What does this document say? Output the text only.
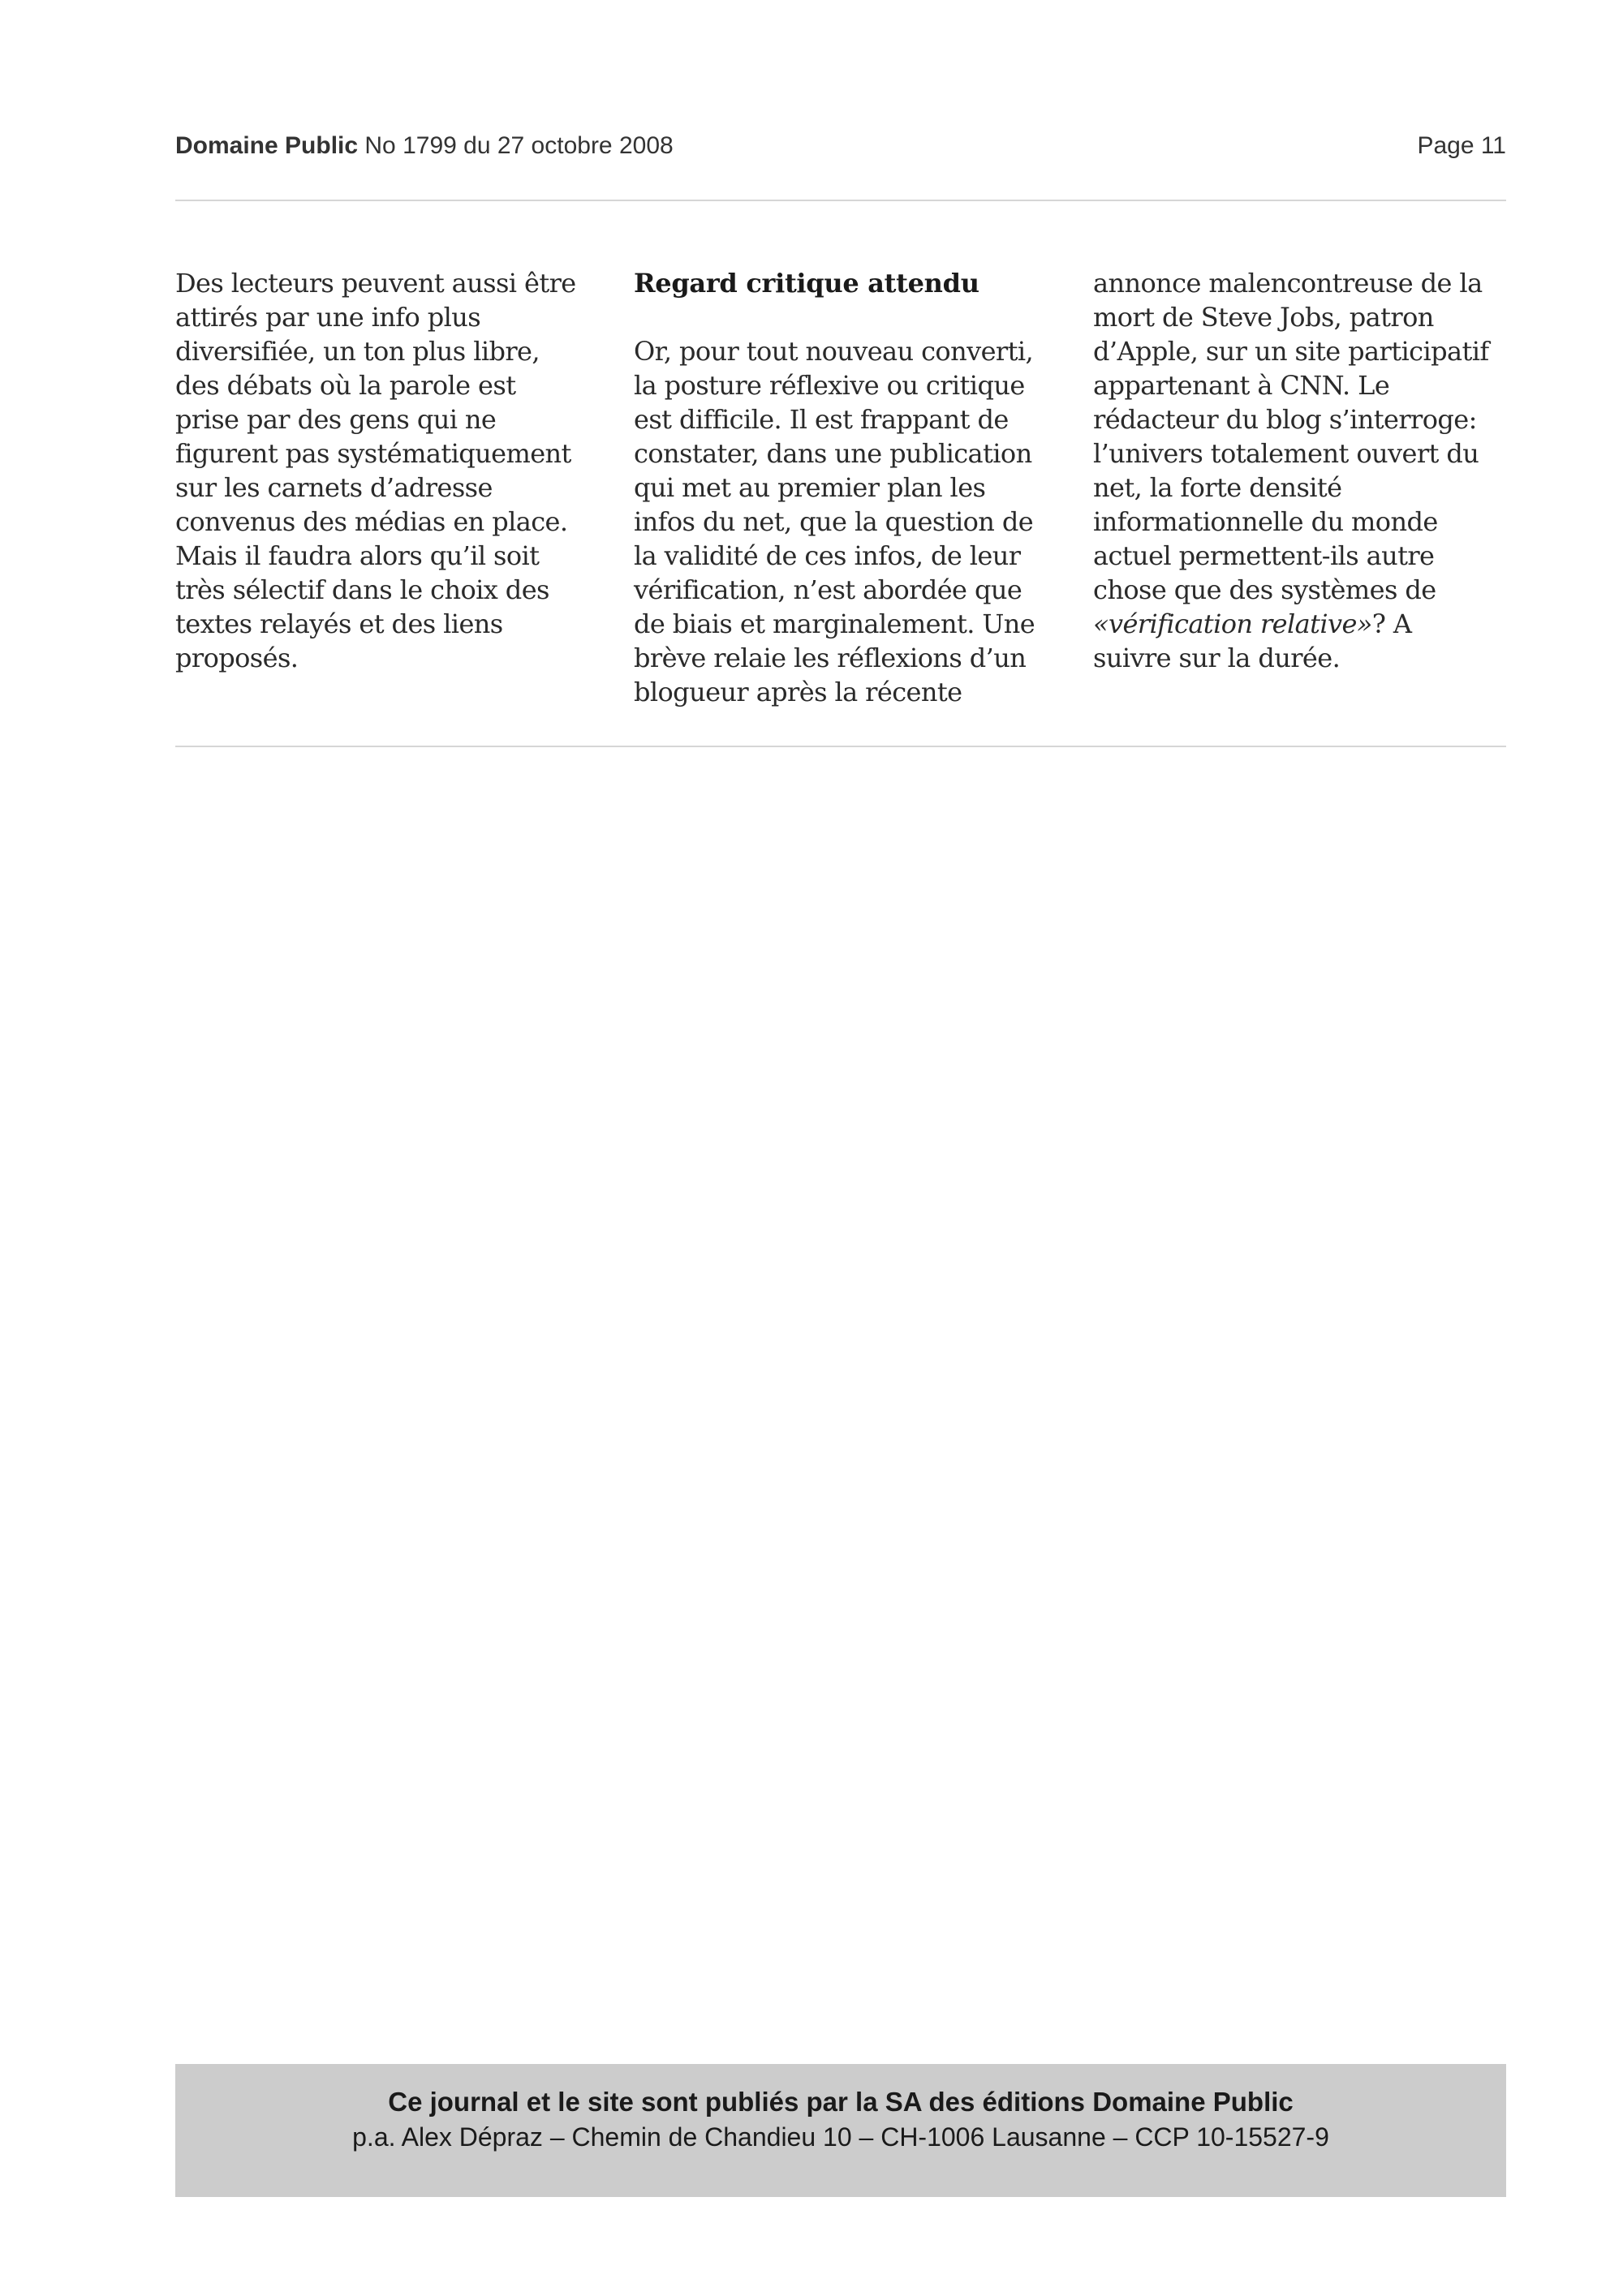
Domaine Public No 1799 du 27 octobre 2008	Page 11
Des lecteurs peuvent aussi être
attirés par une info plus
diversifiée, un ton plus libre,
des débats où la parole est
prise par des gens qui ne
figurent pas systématiquement
sur les carnets d’adresse
convenus des médias en place.
Mais il faudra alors qu’il soit
très sélectif dans le choix des
textes relayés et des liens
proposés.
Regard critique attendu
Or, pour tout nouveau converti,
la posture réflexive ou critique
est difficile. Il est frappant de
constater, dans une publication
qui met au premier plan les
infos du net, que la question de
la validité de ces infos, de leur
vérification, n’est abordée que
de biais et marginalement. Une
brève relaie les réflexions d’un
blogueur après la récente
annonce malencontreuse de la
mort de Steve Jobs, patron
d’Apple, sur un site participatif
appartenant à CNN. Le
rédacteur du blog s’interroge:
l’univers totalement ouvert du
net, la forte densité
informationnelle du monde
actuel permettent-ils autre
chose que des systèmes de
«vérification relative»? A
suivre sur la durée.
Ce journal et le site sont publiés par la SA des éditions Domaine Public
p.a. Alex Dépraz – Chemin de Chandieu 10 – CH-1006 Lausanne – CCP 10-15527-9
